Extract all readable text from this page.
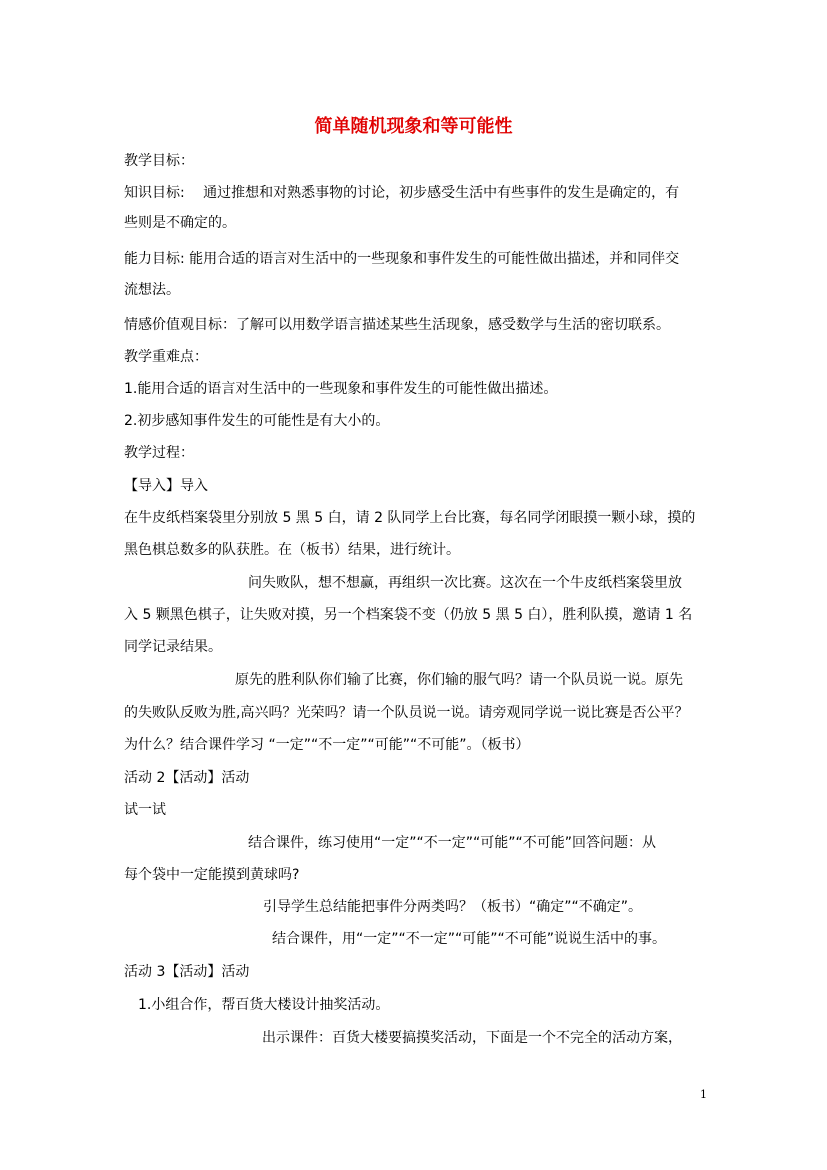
简单随机现象和等可能性
教学目标：
知识目标:　 通过推想和对熟悉事物的讨论，初步感受生活中有些事件的发生是确定的，有
些则是不确定的。
能力目标: 能用合适的语言对生活中的一些现象和事件发生的可能性做出描述，并和同伴交
流想法。
情感价值观目标：了解可以用数学语言描述某些生活现象，感受数学与生活的密切联系。
教学重难点：
1.能用合适的语言对生活中的一些现象和事件发生的可能性做出描述。
2.初步感知事件发生的可能性是有大小的。
教学过程：
【导入】导入
在牛皮纸档案袋里分别放 5 黑 5 白，请 2 队同学上台比赛，每名同学闭眼摸一颗小球，摸的
黑色棋总数多的队获胜。在（板书）结果，进行统计。
问失败队，想不想赢，再组织一次比赛。这次在一个牛皮纸档案袋里放
入 5 颗黑色棋子，让失败对摸，另一个档案袋不变（仍放 5 黑 5 白），胜利队摸，邀请 1 名
同学记录结果。
原先的胜利队你们输了比赛，你们输的服气吗？请一个队员说一说。原先
的失败队反败为胜,高兴吗？光荣吗？请一个队员说一说。请旁观同学说一说比赛是否公平？
为什么？结合课件学习 “一定”“不一定”“可能”“不可能”。（板书）
活动 2【活动】活动
试一试
结合课件，练习使用“一定”“不一定”“可能”“不可能”回答问题：从
每个袋中一定能摸到黄球吗?
引导学生总结能把事件分两类吗？（板书）“确定”“不确定”。
结合课件，用“一定”“不一定”“可能”“不可能”说说生活中的事。
活动 3【活动】活动
1.小组合作，帮百货大楼设计抽奖活动。
出示课件：百货大楼要搞摸奖活动，下面是一个不完全的活动方案，
1
